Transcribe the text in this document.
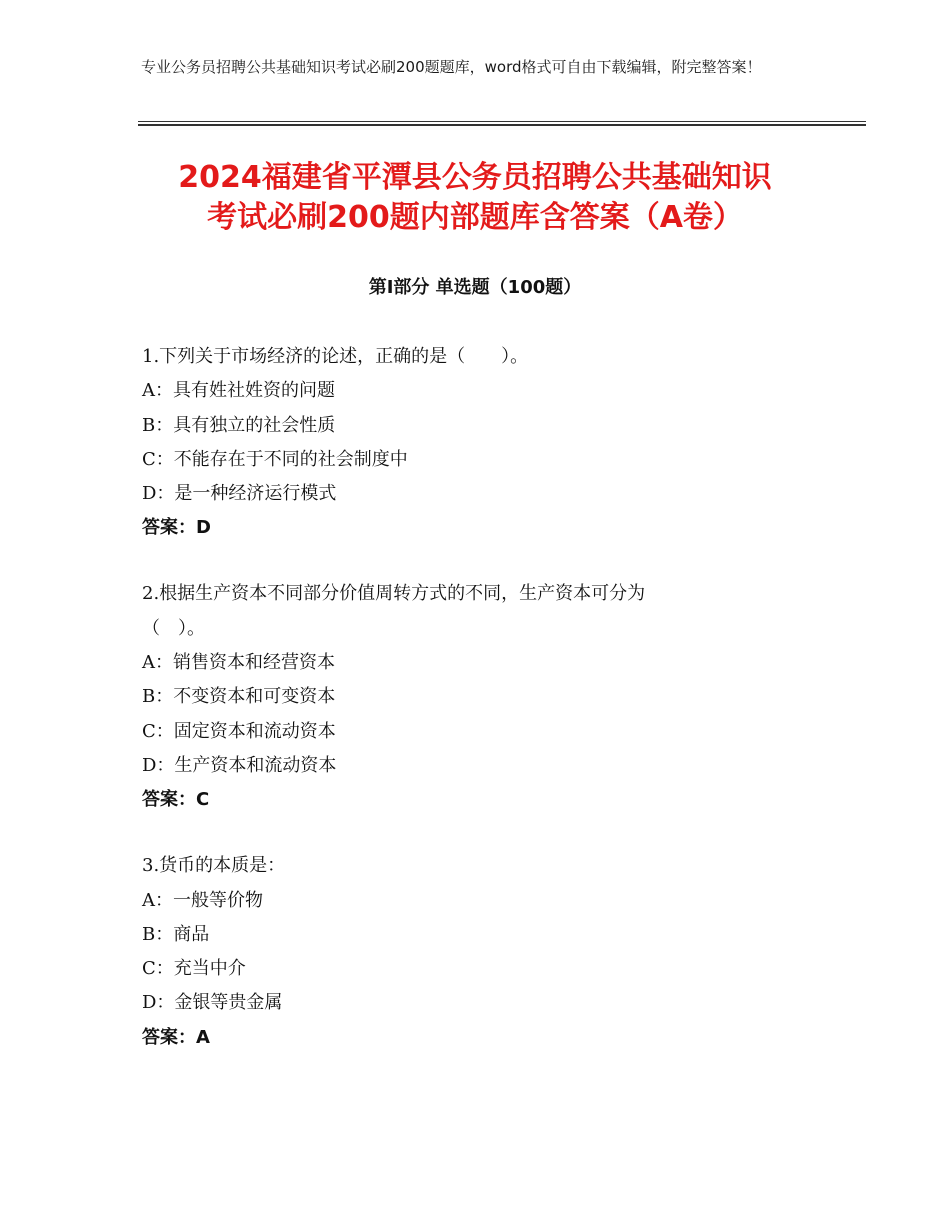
专业公务员招聘公共基础知识考试必刷200题题库，word格式可自由下载编辑，附完整答案！
2024福建省平潭县公务员招聘公共基础知识
考试必刷200题内部题库含答案（A卷）
第Ⅰ部分 单选题（100题）
1.下列关于市场经济的论述，正确的是（　　）。
A：具有姓社姓资的问题
B：具有独立的社会性质
C：不能存在于不同的社会制度中
D：是一种经济运行模式
答案：D
2.根据生产资本不同部分价值周转方式的不同，生产资本可分为
（　）。
A：销售资本和经营资本
B：不变资本和可变资本
C：固定资本和流动资本
D：生产资本和流动资本
答案：C
3.货币的本质是：
A：一般等价物
B：商品
C：充当中介
D：金银等贵金属
答案：A
